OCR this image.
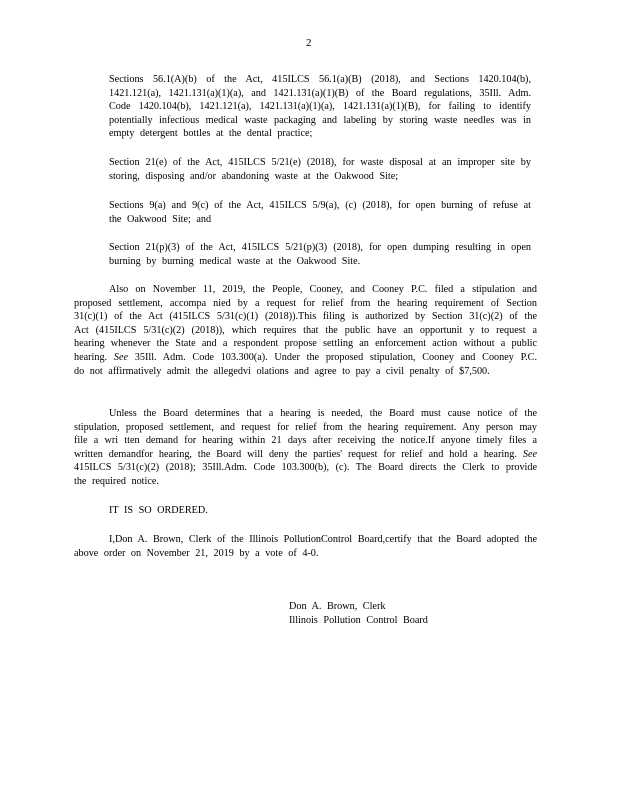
2

Sections 56.1(A)(b) of the Act, 415ILCS 56.1(a)(B) (2018), and Sections 1420.104(b), 1421.121(a), 1421.131(a)(1)(a), and 1421.131(a)(1)(B) of the Board regulations, 35Ill. Adm. Code 1420.104(b), 1421.121(a), 1421.131(a)(1)(a), 1421.131(a)(1)(B), for failing to identify potentially infectious medical waste packaging and labeling by storing waste needles was in empty detergent bottles at the dental practice;

Section 21(e) of the Act, 415ILCS 5/21(e) (2018), for waste disposal at an improper site by storing, disposing and/or abandoning waste at the Oakwood Site;

Sections 9(a) and 9(c) of the Act, 415ILCS 5/9(a), (c) (2018), for open burning of refuse at the Oakwood Site; and

Section 21(p)(3) of the Act, 415ILCS 5/21(p)(3) (2018), for open dumping resulting in open burning by burning medical waste at the Oakwood Site.

Also on November 11, 2019, the People, Cooney, and Cooney P.C. filed a stipulation and proposed settlement, accompa nied by a request for relief from the hearing requirement of Section 31(c)(1) of the Act (415ILCS 5/31(c)(1) (2018)).This filing is authorized by Section 31(c)(2) of the Act (415ILCS 5/31(c)(2) (2018)), which requires that the public have an opportunit y to request a hearing whenever the State and a respondent propose settling an enforcement action without a public hearing. See 35Ill. Adm. Code 103.300(a). Under the proposed stipulation, Cooney and Cooney P.C. do not affirmatively admit the allegedvi olations and agree to pay a civil penalty of $7,500.

Unless the Board determines that a hearing is needed, the Board must cause notice of the stipulation, proposed settlement, and request for relief from the hearing requirement. Any person may file a wri tten demand for hearing within 21 days after receiving the notice.If anyone timely files a written demandfor hearing, the Board will deny the parties' request for relief and hold a hearing. See 415ILCS 5/31(c)(2) (2018); 35Ill.Adm. Code 103.300(b), (c). The Board directs the Clerk to provide the required notice.

IT IS SO ORDERED.

I,Don A. Brown, Clerk of the Illinois PollutionControl Board,certify that the Board adopted the above order on November 21, 2019 by a vote of 4-0.

Don A. Brown, Clerk
Illinois Pollution Control Board
